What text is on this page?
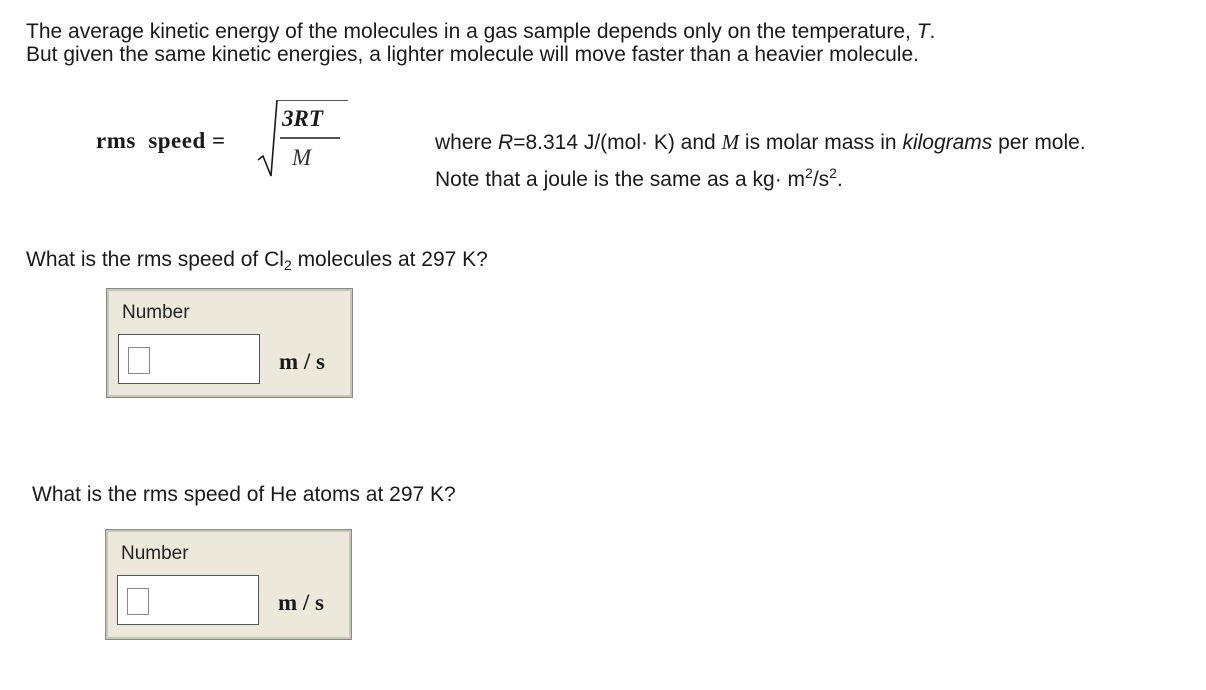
The average kinetic energy of the molecules in a gas sample depends only on the temperature, T.

But given the same kinetic energies, a lighter molecule will move faster than a heavier molecule.

rms  speed =
3RT
M

where R=8.314 J/(mol· K) and M is molar mass in kilograms per mole.

Note that a joule is the same as a $kg\cdot m^2/s^2$.

What is the rms speed of $Cl_2$ molecules at 297 K?
Number
m / s
What is the rms speed of He atoms at 297 K?
Number
m / s
